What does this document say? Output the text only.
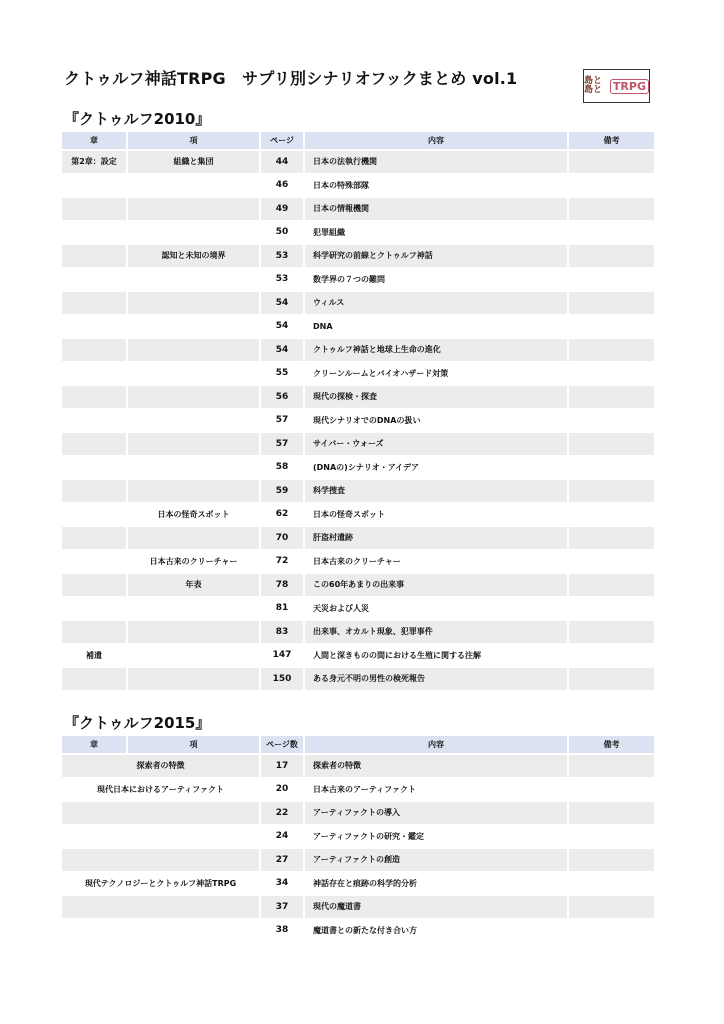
クトゥルフ神話TRPG　サプリ別シナリオフックまとめ vol.1	島と島と TRPG
『クトゥルフ2010』
章	項	ページ	内容	備考
第2章：設定	組織と集団	44	日本の法執行機関	
		46	日本の特殊部隊	
		49	日本の情報機関	
		50	犯罪組織	
	認知と未知の境界	53	科学研究の前線とクトゥルフ神話	
		53	数学界の７つの難問	
		54	ウィルス	
		54	DNA	
		54	クトゥルフ神話と地球上生命の進化	
		55	クリーンルームとバイオハザード対策	
		56	現代の探検・探査	
		57	現代シナリオでのDNAの扱い	
		57	サイバー・ウォーズ	
		58	(DNAの)シナリオ・アイデア	
		59	科学捜査	
	日本の怪奇スポット	62	日本の怪奇スポット	
		70	肝盗村遺跡	
	日本古来のクリーチャー	72	日本古来のクリーチャー	
	年表	78	この60年あまりの出来事	
		81	天災および人災	
		83	出来事、オカルト現象、犯罪事件	
補遺		147	人間と深きものの間における生殖に関する注解	
		150	ある身元不明の男性の検死報告	
『クトゥルフ2015』
章	項	ページ数	内容	備考
探索者の特徴		17	探索者の特徴	
現代日本におけるアーティファクト		20	日本古来のアーティファクト	
		22	アーティファクトの導入	
		24	アーティファクトの研究・鑑定	
		27	アーティファクトの創造	
現代テクノロジーとクトゥルフ神話TRPG		34	神話存在と痕跡の科学的分析	
		37	現代の魔道書	
		38	魔道書との新たな付き合い方	
